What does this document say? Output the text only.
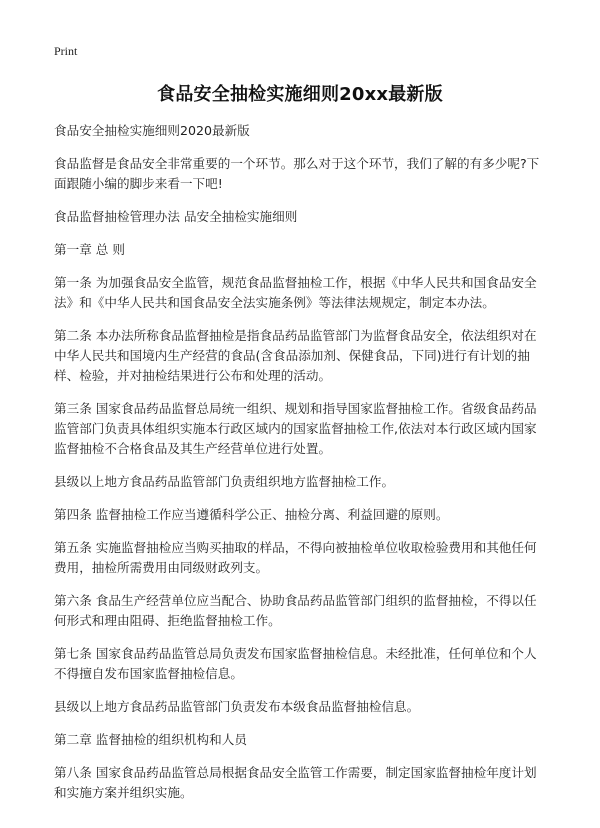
Print
食品安全抽检实施细则20xx最新版

食品安全抽检实施细则2020最新版

食品监督是食品安全非常重要的一个环节。那么对于这个环节，我们了解的有多少呢?下面跟随小编的脚步来看一下吧!

食品监督抽检管理办法 品安全抽检实施细则

第一章 总 则

第一条 为加强食品安全监管，规范食品监督抽检工作，根据《中华人民共和国食品安全法》和《中华人民共和国食品安全法实施条例》等法律法规规定，制定本办法。

第二条 本办法所称食品监督抽检是指食品药品监管部门为监督食品安全，依法组织对在中华人民共和国境内生产经营的食品(含食品添加剂、保健食品，下同)进行有计划的抽样、检验，并对抽检结果进行公布和处理的活动。

第三条 国家食品药品监督总局统一组织、规划和指导国家监督抽检工作。省级食品药品监管部门负责具体组织实施本行政区域内的国家监督抽检工作,依法对本行政区域内国家监督抽检不合格食品及其生产经营单位进行处置。

县级以上地方食品药品监管部门负责组织地方监督抽检工作。

第四条 监督抽检工作应当遵循科学公正、抽检分离、利益回避的原则。

第五条 实施监督抽检应当购买抽取的样品，不得向被抽检单位收取检验费用和其他任何费用，抽检所需费用由同级财政列支。

第六条 食品生产经营单位应当配合、协助食品药品监管部门组织的监督抽检，不得以任何形式和理由阻碍、拒绝监督抽检工作。

第七条 国家食品药品监管总局负责发布国家监督抽检信息。未经批准，任何单位和个人不得擅自发布国家监督抽检信息。

县级以上地方食品药品监管部门负责发布本级食品监督抽检信息。

第二章 监督抽检的组织机构和人员

第八条 国家食品药品监管总局根据食品安全监管工作需要，制定国家监督抽检年度计划和实施方案并组织实施。
